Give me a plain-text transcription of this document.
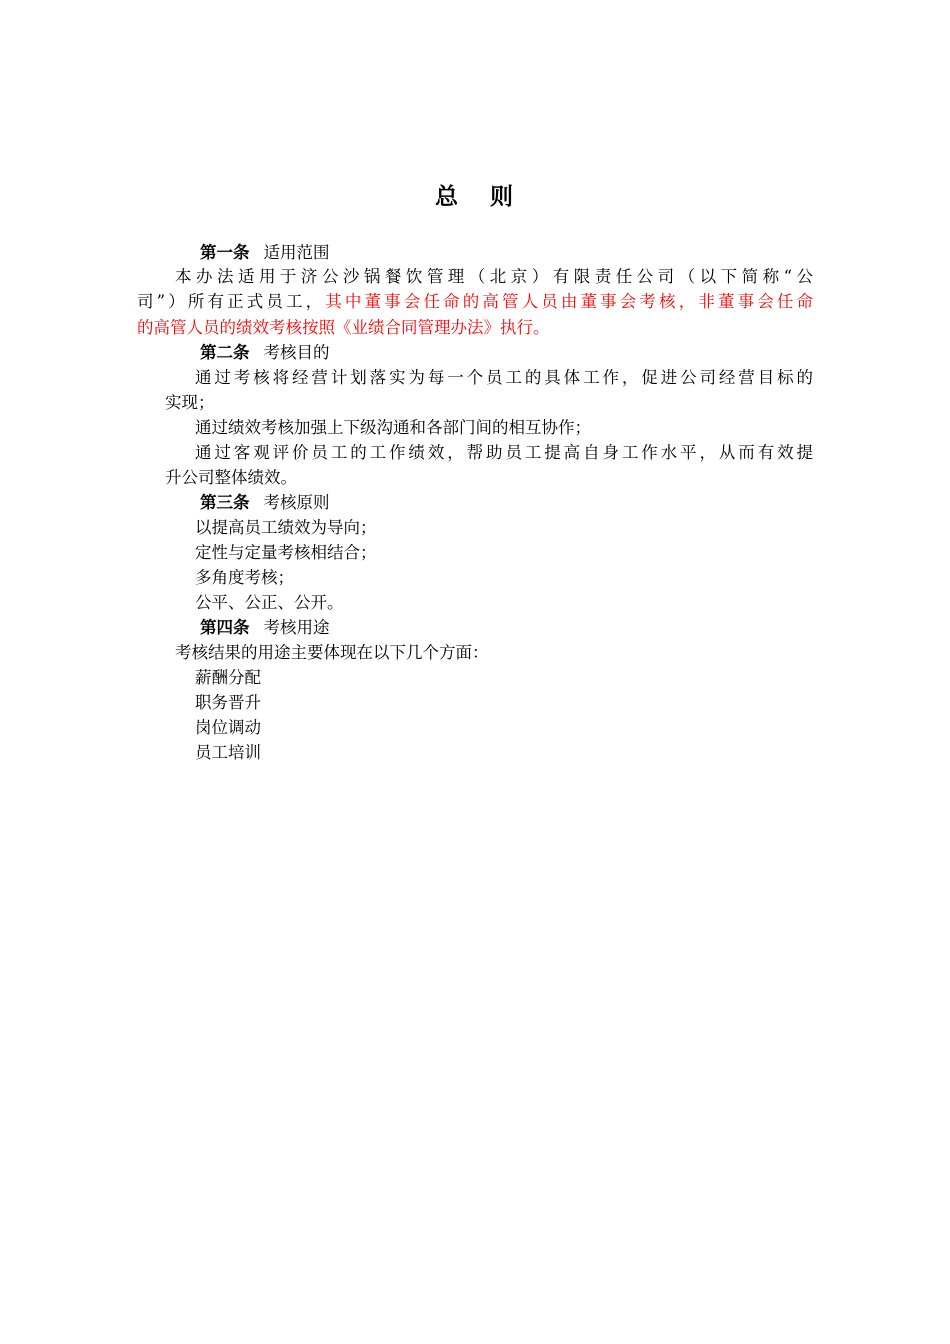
总 则
第一条 适用范围
本办法适用于济公沙锅餐饮管理（北京）有限责任公司（以下简称“公
司”）所有正式员工，其中董事会任命的高管人员由董事会考核，非董事会任命
的高管人员的绩效考核按照《业绩合同管理办法》执行。
第二条 考核目的
通过考核将经营计划落实为每一个员工的具体工作，促进公司经营目标的
实现；
通过绩效考核加强上下级沟通和各部门间的相互协作；
通过客观评价员工的工作绩效，帮助员工提高自身工作水平，从而有效提
升公司整体绩效。
第三条 考核原则
以提高员工绩效为导向；
定性与定量考核相结合；
多角度考核；
公平、公正、公开。
第四条 考核用途
考核结果的用途主要体现在以下几个方面：
薪酬分配
职务晋升
岗位调动
员工培训
